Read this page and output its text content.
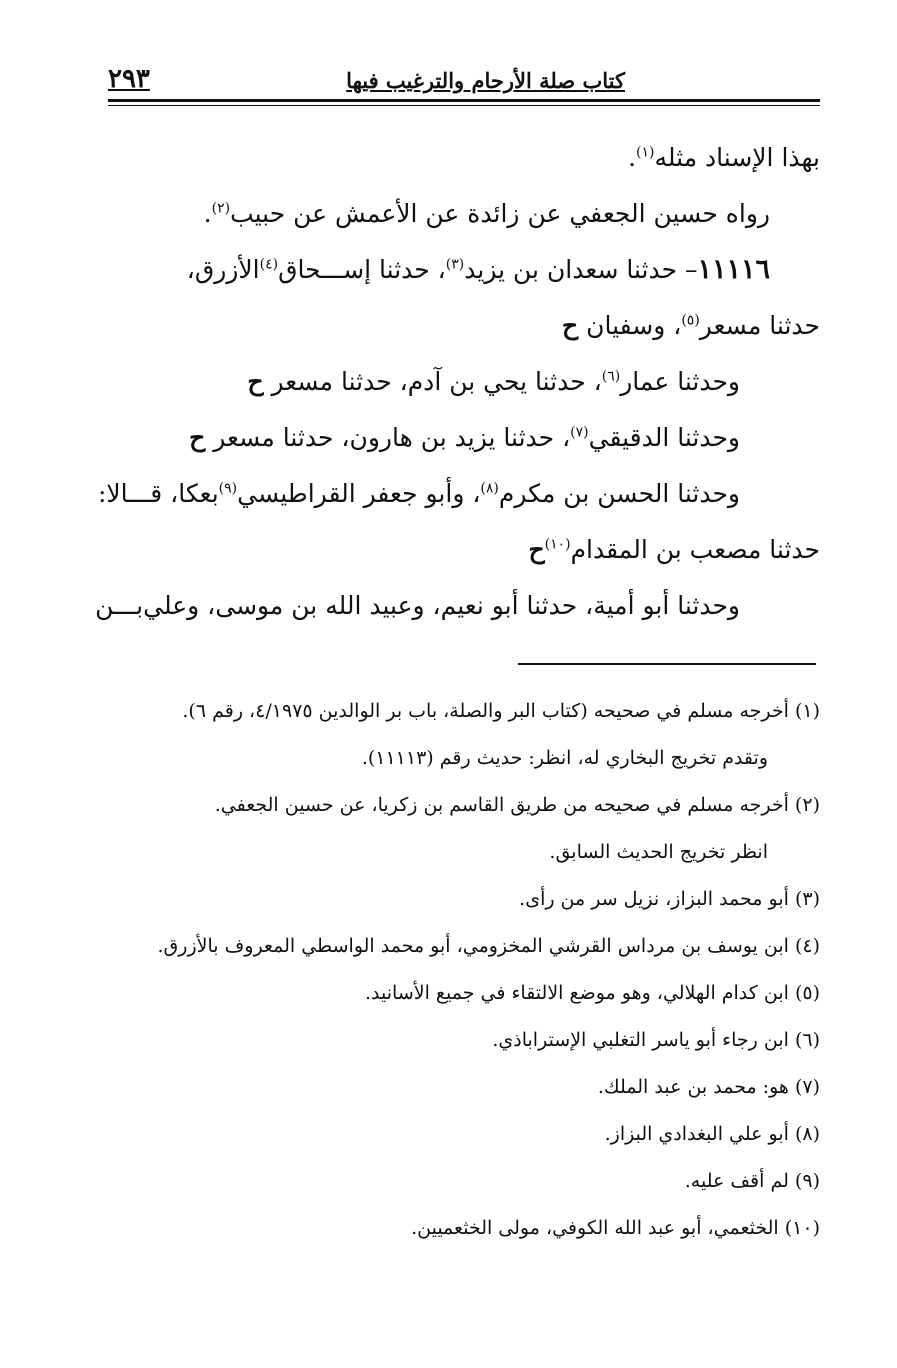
كتاب صلة الأرحام والترغيب فيها
٢٩٣
بهذا الإسناد مثله$^{(١)}$.
رواه حسين الجعفي عن زائدة عن الأعمش عن حبيب$^{(٢)}$.
١١١١٦– حدثنا سعدان بن يزيد$^{(٣)}$، حدثنا إســـحاق$^{(٤)}$الأزرق،
حدثنا مسعر$^{(٥)}$، وسفيان ح
وحدثنا عمار$^{(٦)}$، حدثنا يحي بن آدم، حدثنا مسعر ح
وحدثنا الدقيقي$^{(٧)}$، حدثنا يزيد بن هارون، حدثنا مسعر ح
وحدثنا الحسن بن مكرم$^{(٨)}$، وأبو جعفر القراطيسي$^{(٩)}$بعكا، قـــالا:
حدثنا مصعب بن المقدام$^{(١٠)}$ح
وحدثنا أبو أمية، حدثنا أبو نعيم، وعبيد الله بن موسى، وعلي
بـــن
(١) أخرجه مسلم في صحيحه (كتاب البر والصلة، باب بر الوالدين ٤/١٩٧٥، رقم ٦).
وتقدم تخريج البخاري له، انظر: حديث رقم (١١١١٣).
(٢) أخرجه مسلم في صحيحه من طريق القاسم بن زكريا، عن حسين الجعفي.
انظر تخريج الحديث السابق.
(٣) أبو محمد البزاز، نزيل سر من رأى.
(٤) ابن يوسف بن مرداس القرشي المخزومي، أبو محمد الواسطي المعروف بالأزرق.
(٥) ابن كدام الهلالي، وهو موضع الالتقاء في جميع الأسانيد.
(٦) ابن رجاء أبو ياسر التغلبي الإستراباذي.
(٧) هو: محمد بن عبد الملك.
(٨) أبو علي البغدادي البزاز.
(٩) لم أقف عليه.
(١٠) الخثعمي، أبو عبد الله الكوفي، مولى الخثعميين.
